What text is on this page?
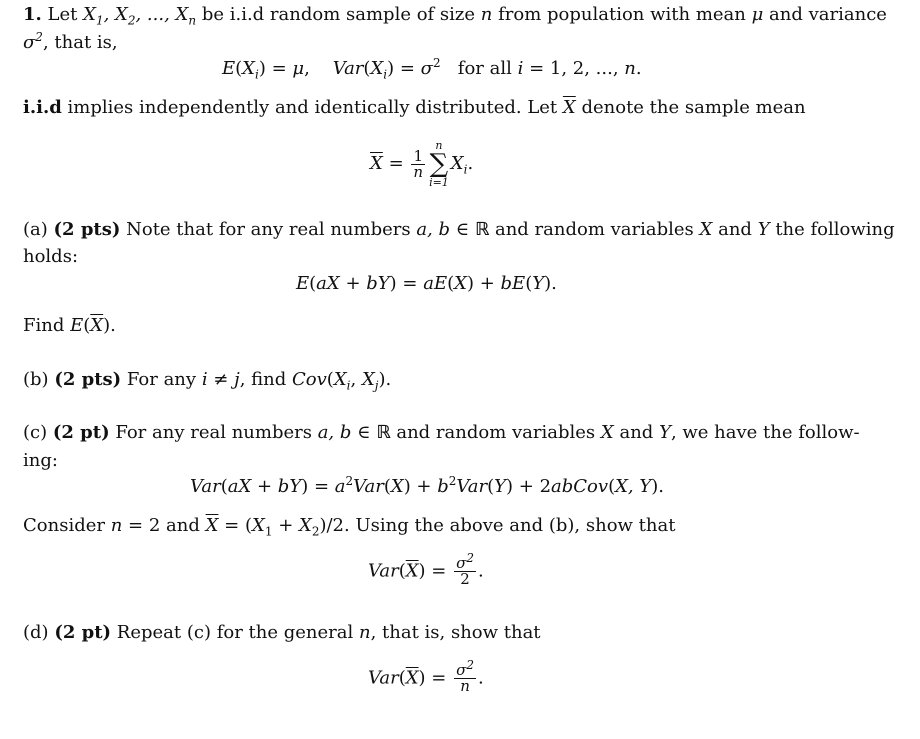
1. Let $X_1$, $X_2$, ..., $X_n$ be i.i.d random sample of size n from population with mean μ and variance
$\sigma^2$, that is,
$E(X_i) = \mu$,    $Var(X_i) = \sigma^2$ for all i = 1, 2, ..., n.
i.i.d implies independently and identically distributed. Let $\overline{X}$ denote the sample mean
$\overline{X} = \frac{1}{n}$
n
∑
i=1
$X_i$.
(a) (2 pts) Note that for any real numbers a, b ∈ ℝ and random variables X and Y the following
holds:
E(aX + bY) = aE(X) + bE(Y).
Find $E(\overline{X})$.
(b) (2 pts) For any i ≠ j, find $Cov(X_i$, $X_j$).
(c) (2 pt) For any real numbers a, b ∈ ℝ and random variables X and Y, we have the follow-
ing:
$Var(aX + bY) = a^2Var(X) + b^2Var(Y)$ + 2abCov(X, Y).
Consider n = 2 and $\overline{X} = (X_1 + X_2)/2$. Using the above and (b), show that
$Var(\overline{X}) = \frac{\sigma^2}{2}$ .
(d) (2 pt) Repeat (c) for the general n, that is, show that
$Var(\overline{X}) = \frac{\sigma^2}{n}$ .
